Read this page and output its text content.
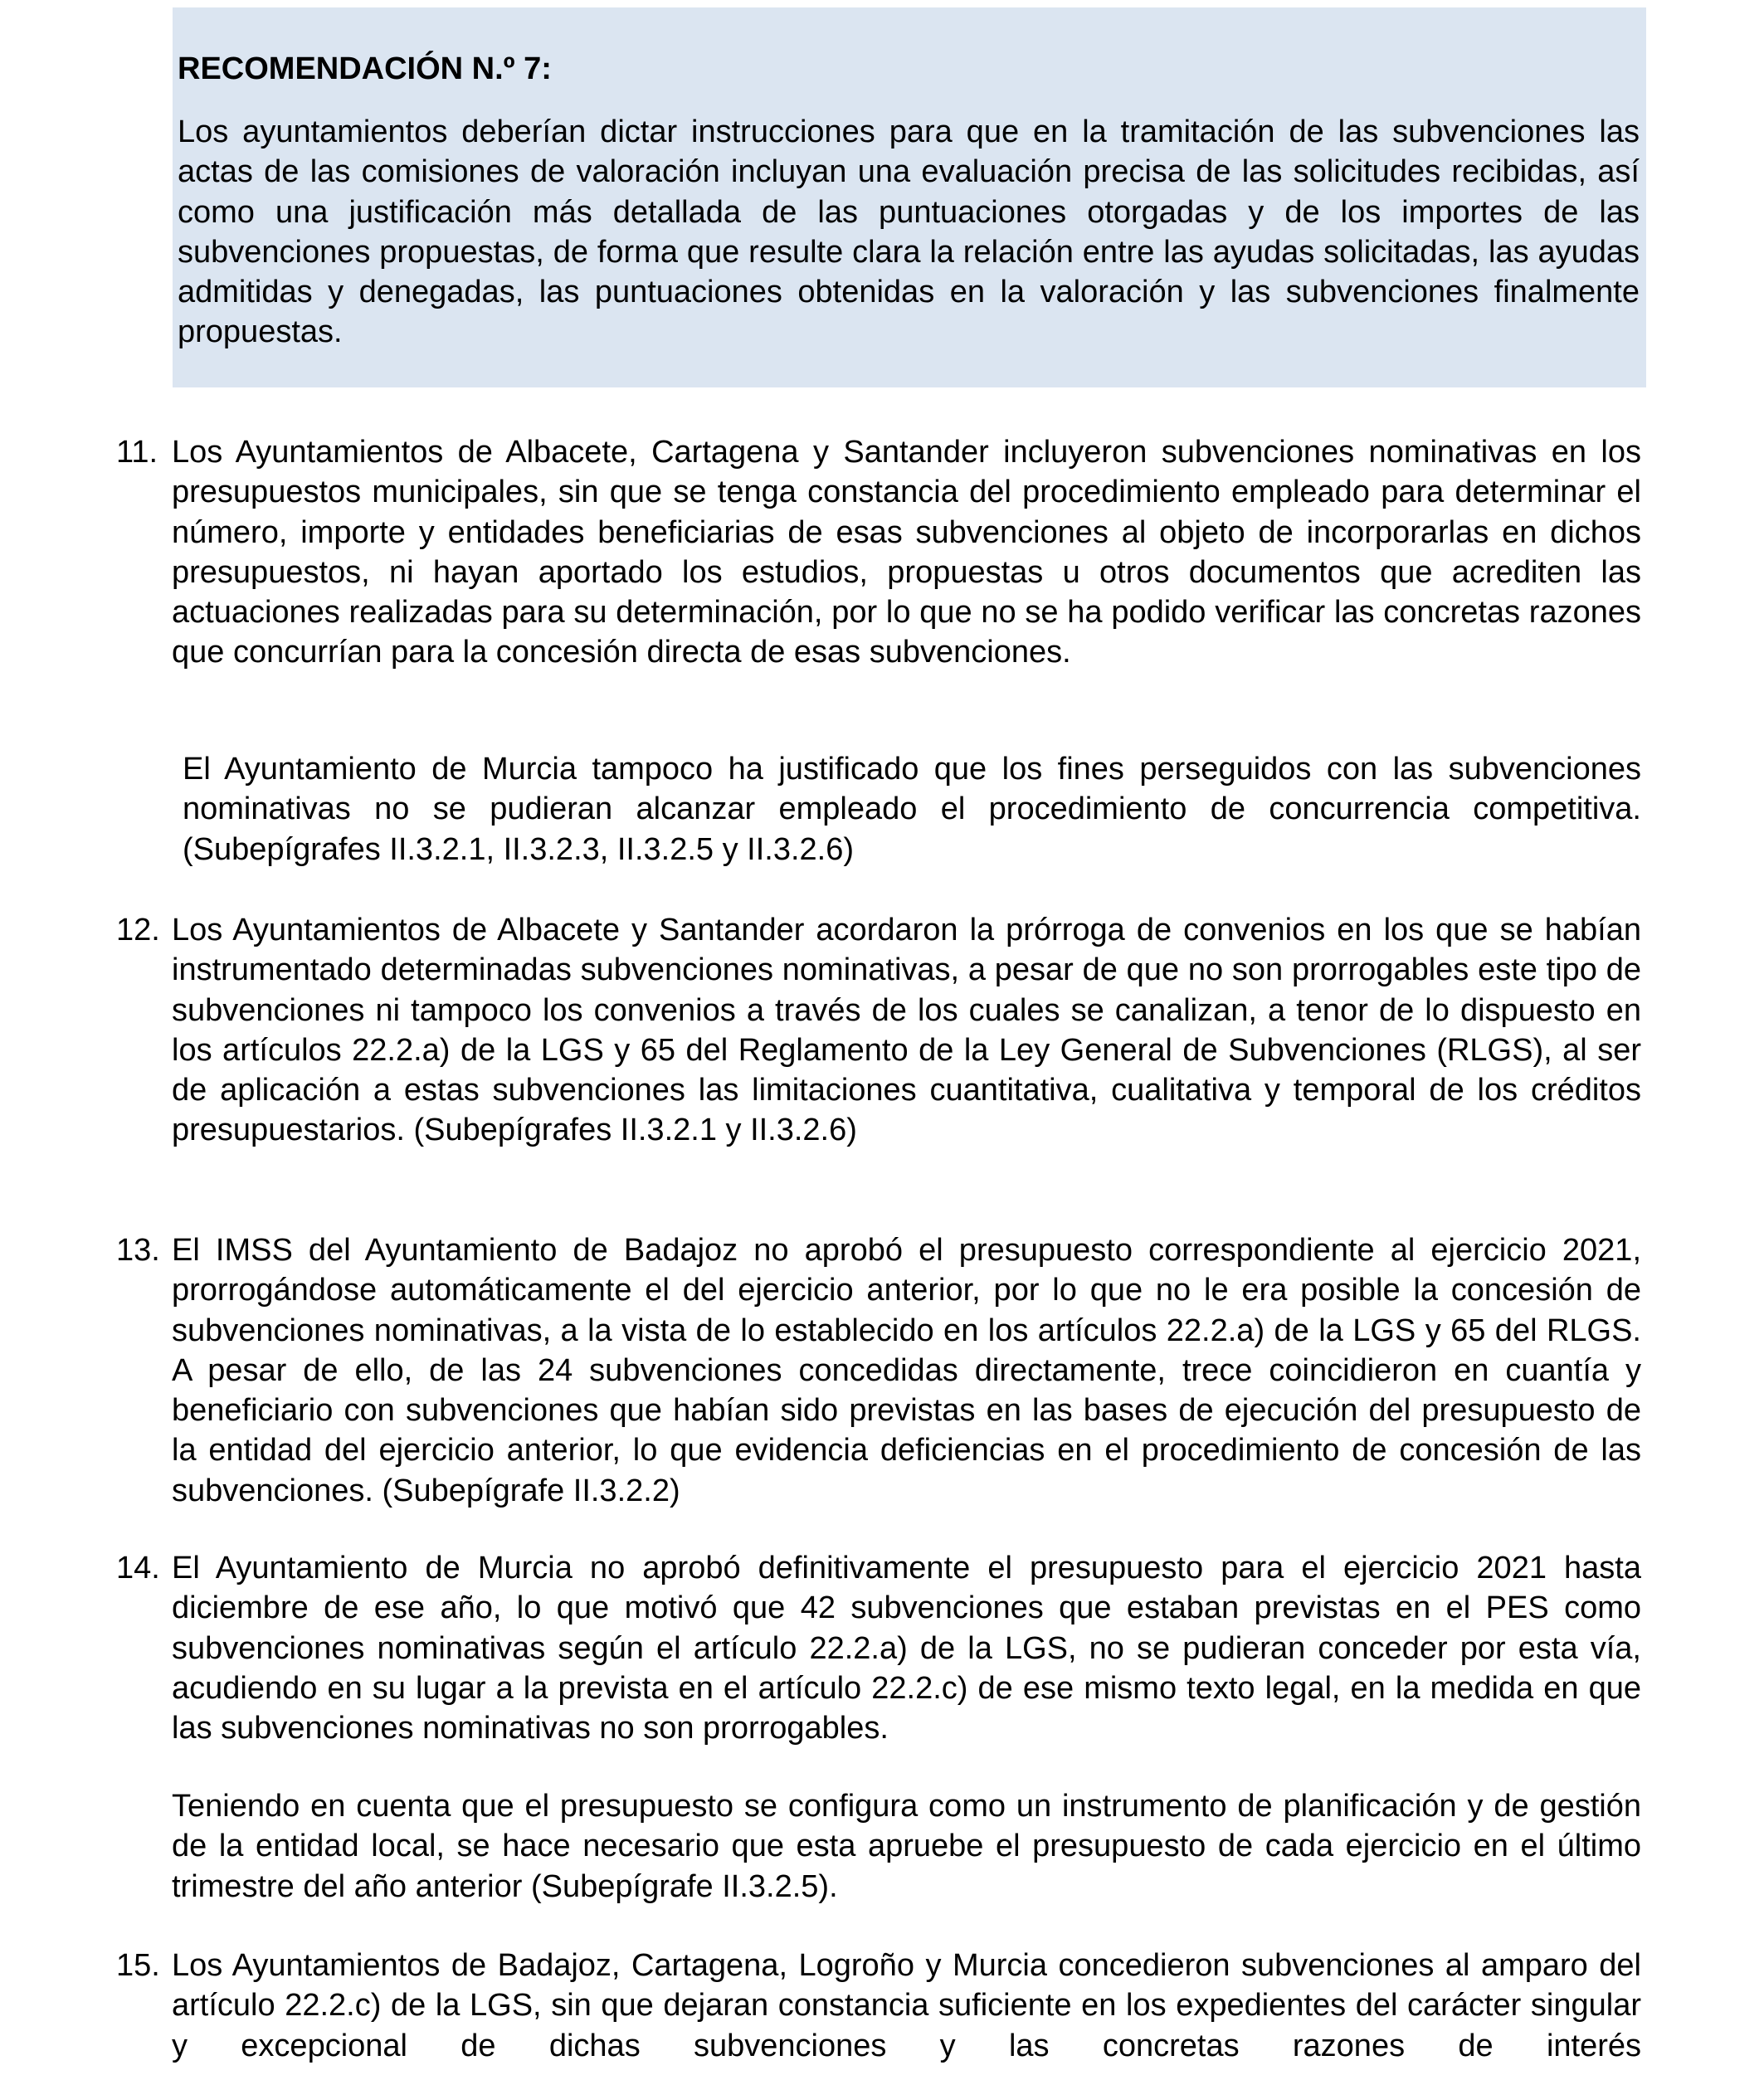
RECOMENDACIÓN N.º 7:
Los ayuntamientos deberían dictar instrucciones para que en la tramitación de las subvenciones las actas de las comisiones de valoración incluyan una evaluación precisa de las solicitudes recibidas, así como una justificación más detallada de las puntuaciones otorgadas y de los importes de las subvenciones propuestas, de forma que resulte clara la relación entre las ayudas solicitadas, las ayudas admitidas y denegadas, las puntuaciones obtenidas en la valoración y las subvenciones finalmente propuestas.
11. Los Ayuntamientos de Albacete, Cartagena y Santander incluyeron subvenciones nominativas en los presupuestos municipales, sin que se tenga constancia del procedimiento empleado para determinar el número, importe y entidades beneficiarias de esas subvenciones al objeto de incorporarlas en dichos presupuestos, ni hayan aportado los estudios, propuestas u otros documentos que acrediten las actuaciones realizadas para su determinación, por lo que no se ha podido verificar las concretas razones que concurrían para la concesión directa de esas subvenciones.
El Ayuntamiento de Murcia tampoco ha justificado que los fines perseguidos con las subvenciones nominativas no se pudieran alcanzar empleado el procedimiento de concurrencia competitiva. (Subepígrafes II.3.2.1, II.3.2.3, II.3.2.5 y II.3.2.6)
12. Los Ayuntamientos de Albacete y Santander acordaron la prórroga de convenios en los que se habían instrumentado determinadas subvenciones nominativas, a pesar de que no son prorrogables este tipo de subvenciones ni tampoco los convenios a través de los cuales se canalizan, a tenor de lo dispuesto en los artículos 22.2.a) de la LGS y 65 del Reglamento de la Ley General de Subvenciones (RLGS), al ser de aplicación a estas subvenciones las limitaciones cuantitativa, cualitativa y temporal de los créditos presupuestarios. (Subepígrafes II.3.2.1 y II.3.2.6)
13. El IMSS del Ayuntamiento de Badajoz no aprobó el presupuesto correspondiente al ejercicio 2021, prorrogándose automáticamente el del ejercicio anterior, por lo que no le era posible la concesión de subvenciones nominativas, a la vista de lo establecido en los artículos 22.2.a) de la LGS y 65 del RLGS. A pesar de ello, de las 24 subvenciones concedidas directamente, trece coincidieron en cuantía y beneficiario con subvenciones que habían sido previstas en las bases de ejecución del presupuesto de la entidad del ejercicio anterior, lo que evidencia deficiencias en el procedimiento de concesión de las subvenciones. (Subepígrafe II.3.2.2)
14. El Ayuntamiento de Murcia no aprobó definitivamente el presupuesto para el ejercicio 2021 hasta diciembre de ese año, lo que motivó que 42 subvenciones que estaban previstas en el PES como subvenciones nominativas según el artículo 22.2.a) de la LGS, no se pudieran conceder por esta vía, acudiendo en su lugar a la prevista en el artículo 22.2.c) de ese mismo texto legal, en la medida en que las subvenciones nominativas no son prorrogables.
Teniendo en cuenta que el presupuesto se configura como un instrumento de planificación y de gestión de la entidad local, se hace necesario que esta apruebe el presupuesto de cada ejercicio en el último trimestre del año anterior (Subepígrafe II.3.2.5).
15. Los Ayuntamientos de Badajoz, Cartagena, Logroño y Murcia concedieron subvenciones al amparo del artículo 22.2.c) de la LGS, sin que dejaran constancia suficiente en los expedientes del carácter singular y excepcional de dichas subvenciones y las concretas razones de interés
